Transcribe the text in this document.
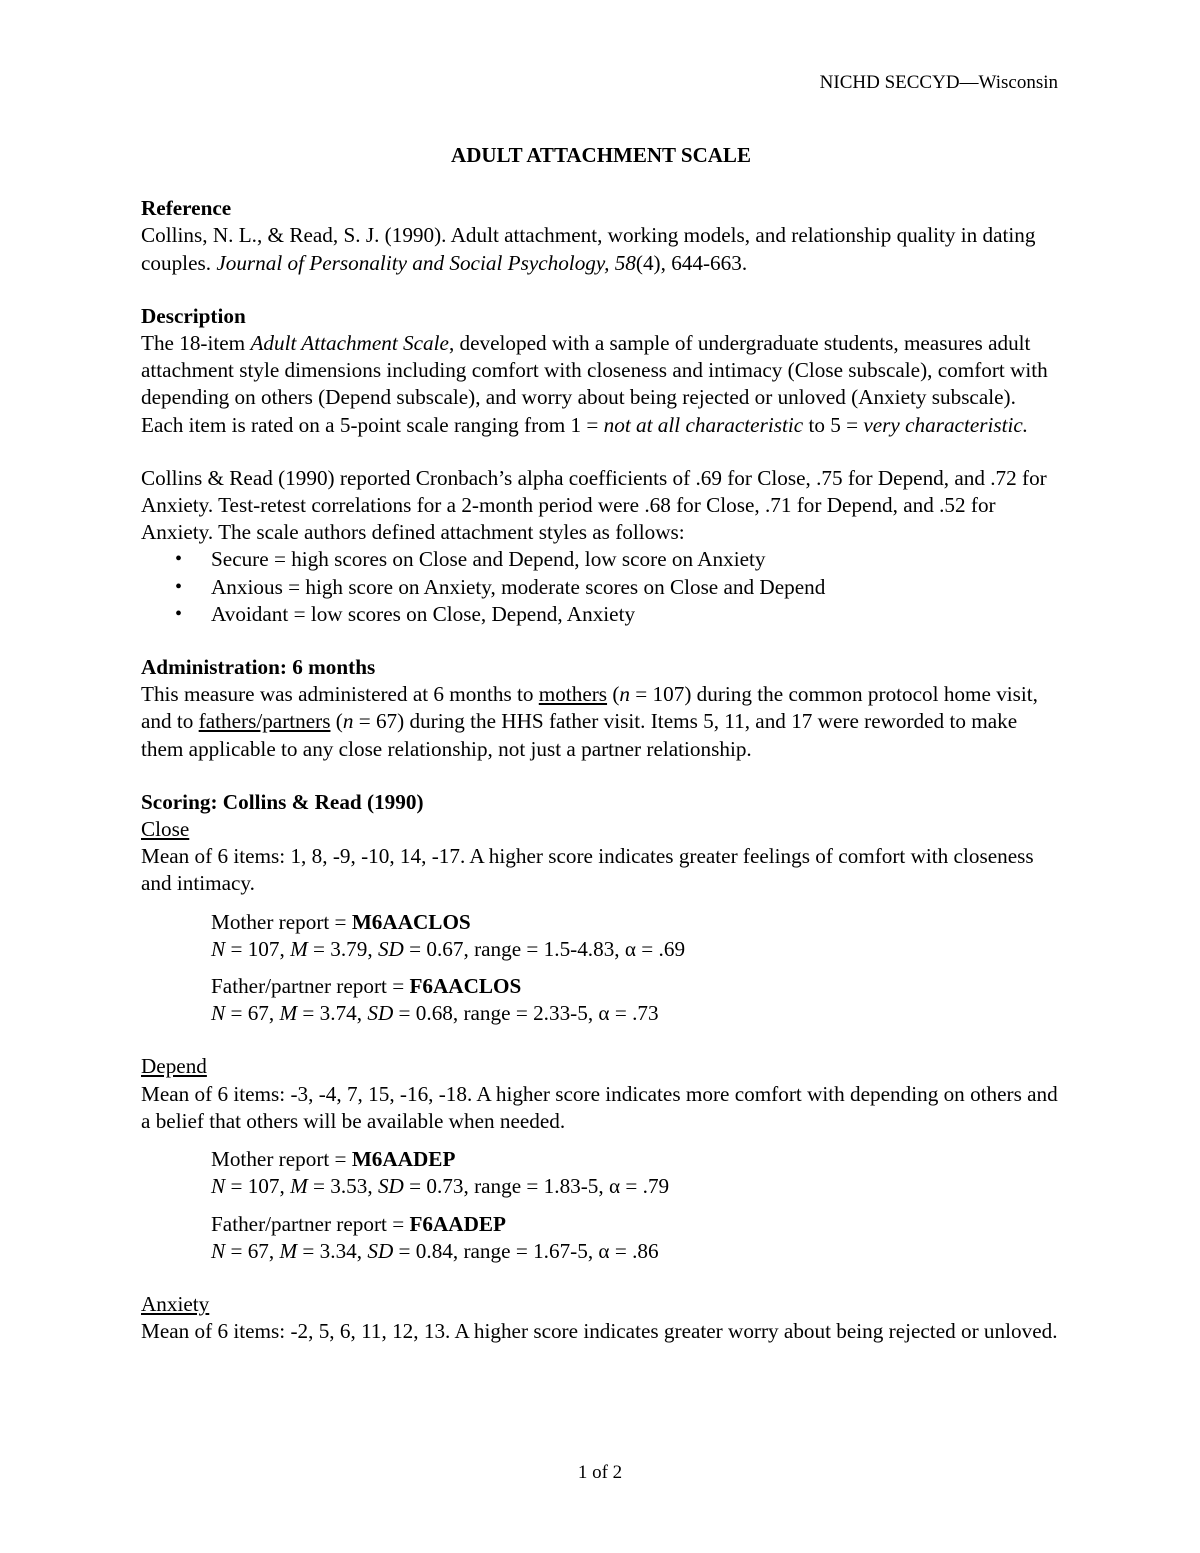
NICHD SECCYD—Wisconsin
ADULT ATTACHMENT SCALE
Reference

Collins, N. L., & Read, S. J. (1990). Adult attachment, working models, and relationship quality in dating couples. Journal of Personality and Social Psychology, 58(4), 644-663.

Description

The 18-item Adult Attachment Scale, developed with a sample of undergraduate students, measures adult attachment style dimensions including comfort with closeness and intimacy (Close subscale), comfort with depending on others (Depend subscale), and worry about being rejected or unloved (Anxiety subscale). Each item is rated on a 5-point scale ranging from 1 = not at all characteristic to 5 = very characteristic.

Collins & Read (1990) reported Cronbach’s alpha coefficients of .69 for Close, .75 for Depend, and .72 for Anxiety. Test-retest correlations for a 2-month period were .68 for Close, .71 for Depend, and .52 for Anxiety. The scale authors defined attachment styles as follows:

• Secure = high scores on Close and Depend, low score on Anxiety
• Anxious = high score on Anxiety, moderate scores on Close and Depend
• Avoidant = low scores on Close, Depend, Anxiety
Administration: 6 months

This measure was administered at 6 months to mothers (n = 107) during the common protocol home visit, and to fathers/partners (n = 67) during the HHS father visit. Items 5, 11, and 17 were reworded to make them applicable to any close relationship, not just a partner relationship.

Scoring: Collins & Read (1990)
Close

Mean of 6 items: 1, 8, -9, -10, 14, -17. A higher score indicates greater feelings of comfort with closeness and intimacy.

Mother report = M6AACLOS
N = 107, M = 3.79, SD = 0.67, range = 1.5-4.83, α = .69
Father/partner report = F6AACLOS
N = 67, M = 3.74, SD = 0.68, range = 2.33-5, α = .73
Depend

Mean of 6 items: -3, -4, 7, 15, -16, -18. A higher score indicates more comfort with depending on others and a belief that others will be available when needed.

Mother report = M6AADEP
N = 107, M = 3.53, SD = 0.73, range = 1.83-5, α = .79
Father/partner report = F6AADEP
N = 67, M = 3.34, SD = 0.84, range = 1.67-5, α = .86
Anxiety

Mean of 6 items: -2, 5, 6, 11, 12, 13. A higher score indicates greater worry about being rejected or unloved.

1 of 2
